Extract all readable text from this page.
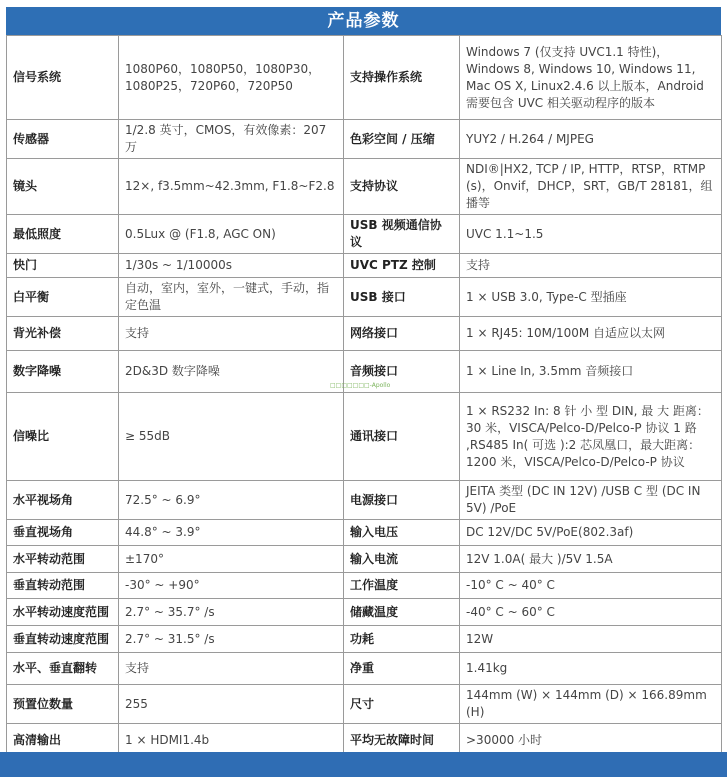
产品参数
信号系统	1080P60，1080P50，1080P30，1080P25，720P60，720P50	支持操作系统	Windows 7 (仅支持 UVC1.1 特性)，Windows 8, Windows 10, Windows 11, Mac OS X, Linux2.4.6 以上版本，Android 需要包含 UVC 相关驱动程序的版本
传感器	1/2.8 英寸，CMOS，有效像素：207 万	色彩空间 / 压缩	YUY2 / H.264 / MJPEG
镜头	12×, f3.5mm~42.3mm, F1.8~F2.8	支持协议	NDI®|HX2, TCP / IP, HTTP，RTSP，RTMP (s)，Onvif，DHCP，SRT，GB/T 28181，组播等
最低照度	0.5Lux @ (F1.8, AGC ON)	USB 视频通信协议	UVC 1.1~1.5
快门	1/30s ~ 1/10000s	UVC PTZ 控制	支持
白平衡	自动，室内，室外，一键式，手动，指定色温	USB 接口	1 × USB 3.0, Type-C 型插座
背光补偿	支持	网络接口	1 × RJ45: 10M/100M 自适应以太网
数字降噪	2D&3D 数字降噪	音频接口	1 × Line In, 3.5mm 音频接口
信噪比	≥ 55dB	通讯接口	1 × RS232 In: 8 针 小 型 DIN, 最 大 距离：30 米，VISCA/Pelco-D/Pelco-P 协议 1 路 ,RS485 In( 可选 ):2 芯凤凰口，最大距离：1200 米，VISCA/Pelco-D/Pelco-P 协议
水平视场角	72.5° ~ 6.9°	电源接口	JEITA 类型 (DC IN 12V) /USB C 型 (DC IN 5V) /PoE
垂直视场角	44.8° ~ 3.9°	输入电压	DC 12V/DC 5V/PoE(802.3af)
水平转动范围	±170°	输入电流	12V 1.0A( 最大 )/5V 1.5A
垂直转动范围	-30° ~ +90°	工作温度	-10° C ~ 40° C
水平转动速度范围	2.7° ~ 35.7° /s	储藏温度	-40° C ~ 60° C
垂直转动速度范围	2.7° ~ 31.5° /s	功耗	12W
水平、垂直翻转	支持	净重	1.41kg
预置位数量	255	尺寸	144mm (W) × 144mm (D) × 166.89mm (H)
高清输出	1 × HDMI1.4b	平均无故障时间	>30000 小时
□□□□□□□-Apollo
